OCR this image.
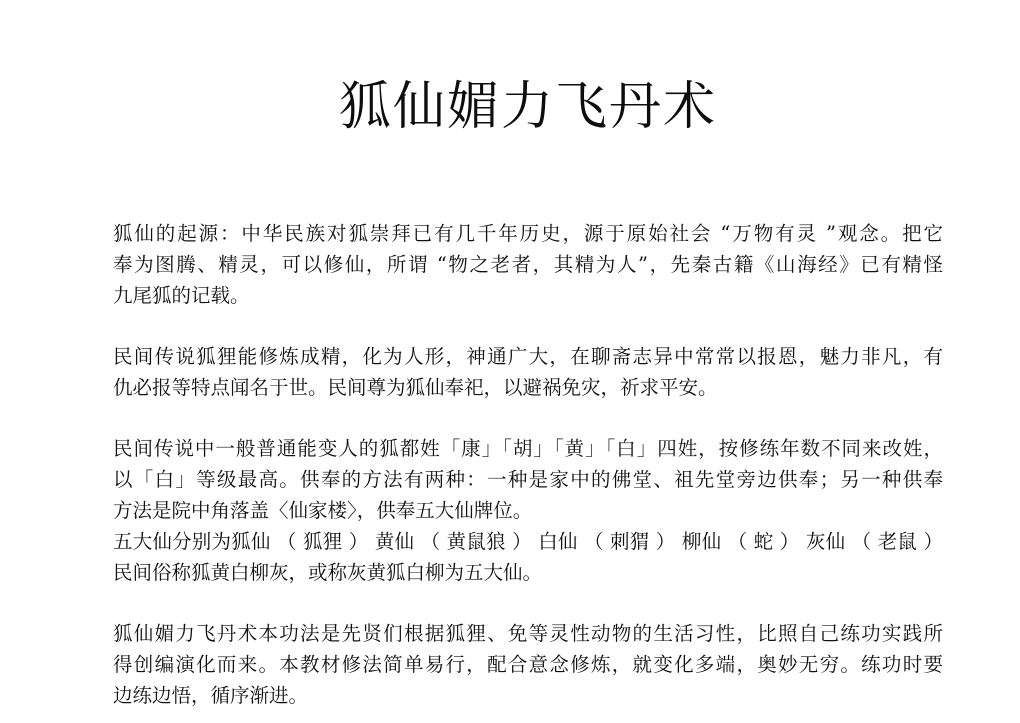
狐仙媚力飞丹术

狐仙的起源：中华民族对狐崇拜已有几千年历史，源于原始社会 “万物有灵 ”观念。把它
奉为图腾、精灵，可以修仙，所谓 “物之老者，其精为人”，先秦古籍《山海经》已有精怪
九尾狐的记载。

民间传说狐狸能修炼成精，化为人形，神通广大，在聊斋志异中常常以报恩，魅力非凡，有
仇必报等特点闻名于世。民间尊为狐仙奉祀，以避祸免灾，祈求平安。

民间传说中一般普通能变人的狐都姓「康」「胡」「黄」「白」四姓，按修练年数不同来改姓，
以「白」等级最高。供奉的方法有两种：一种是家中的佛堂、祖先堂旁边供奉；另一种供奉
方法是院中角落盖〈仙家楼〉，供奉五大仙牌位。
五大仙分别为狐仙 （ 狐狸 ） 黄仙 （ 黄鼠狼 ） 白仙 （ 刺猬 ） 柳仙 （ 蛇 ） 灰仙 （ 老鼠 ）
民间俗称狐黄白柳灰，或称灰黄狐白柳为五大仙。

狐仙媚力飞丹术本功法是先贤们根据狐狸、免等灵性动物的生活习性，比照自己练功实践所
得创编演化而来。本教材修法简单易行，配合意念修炼，就变化多端，奥妙无穷。练功时要
边练边悟，循序渐进。
